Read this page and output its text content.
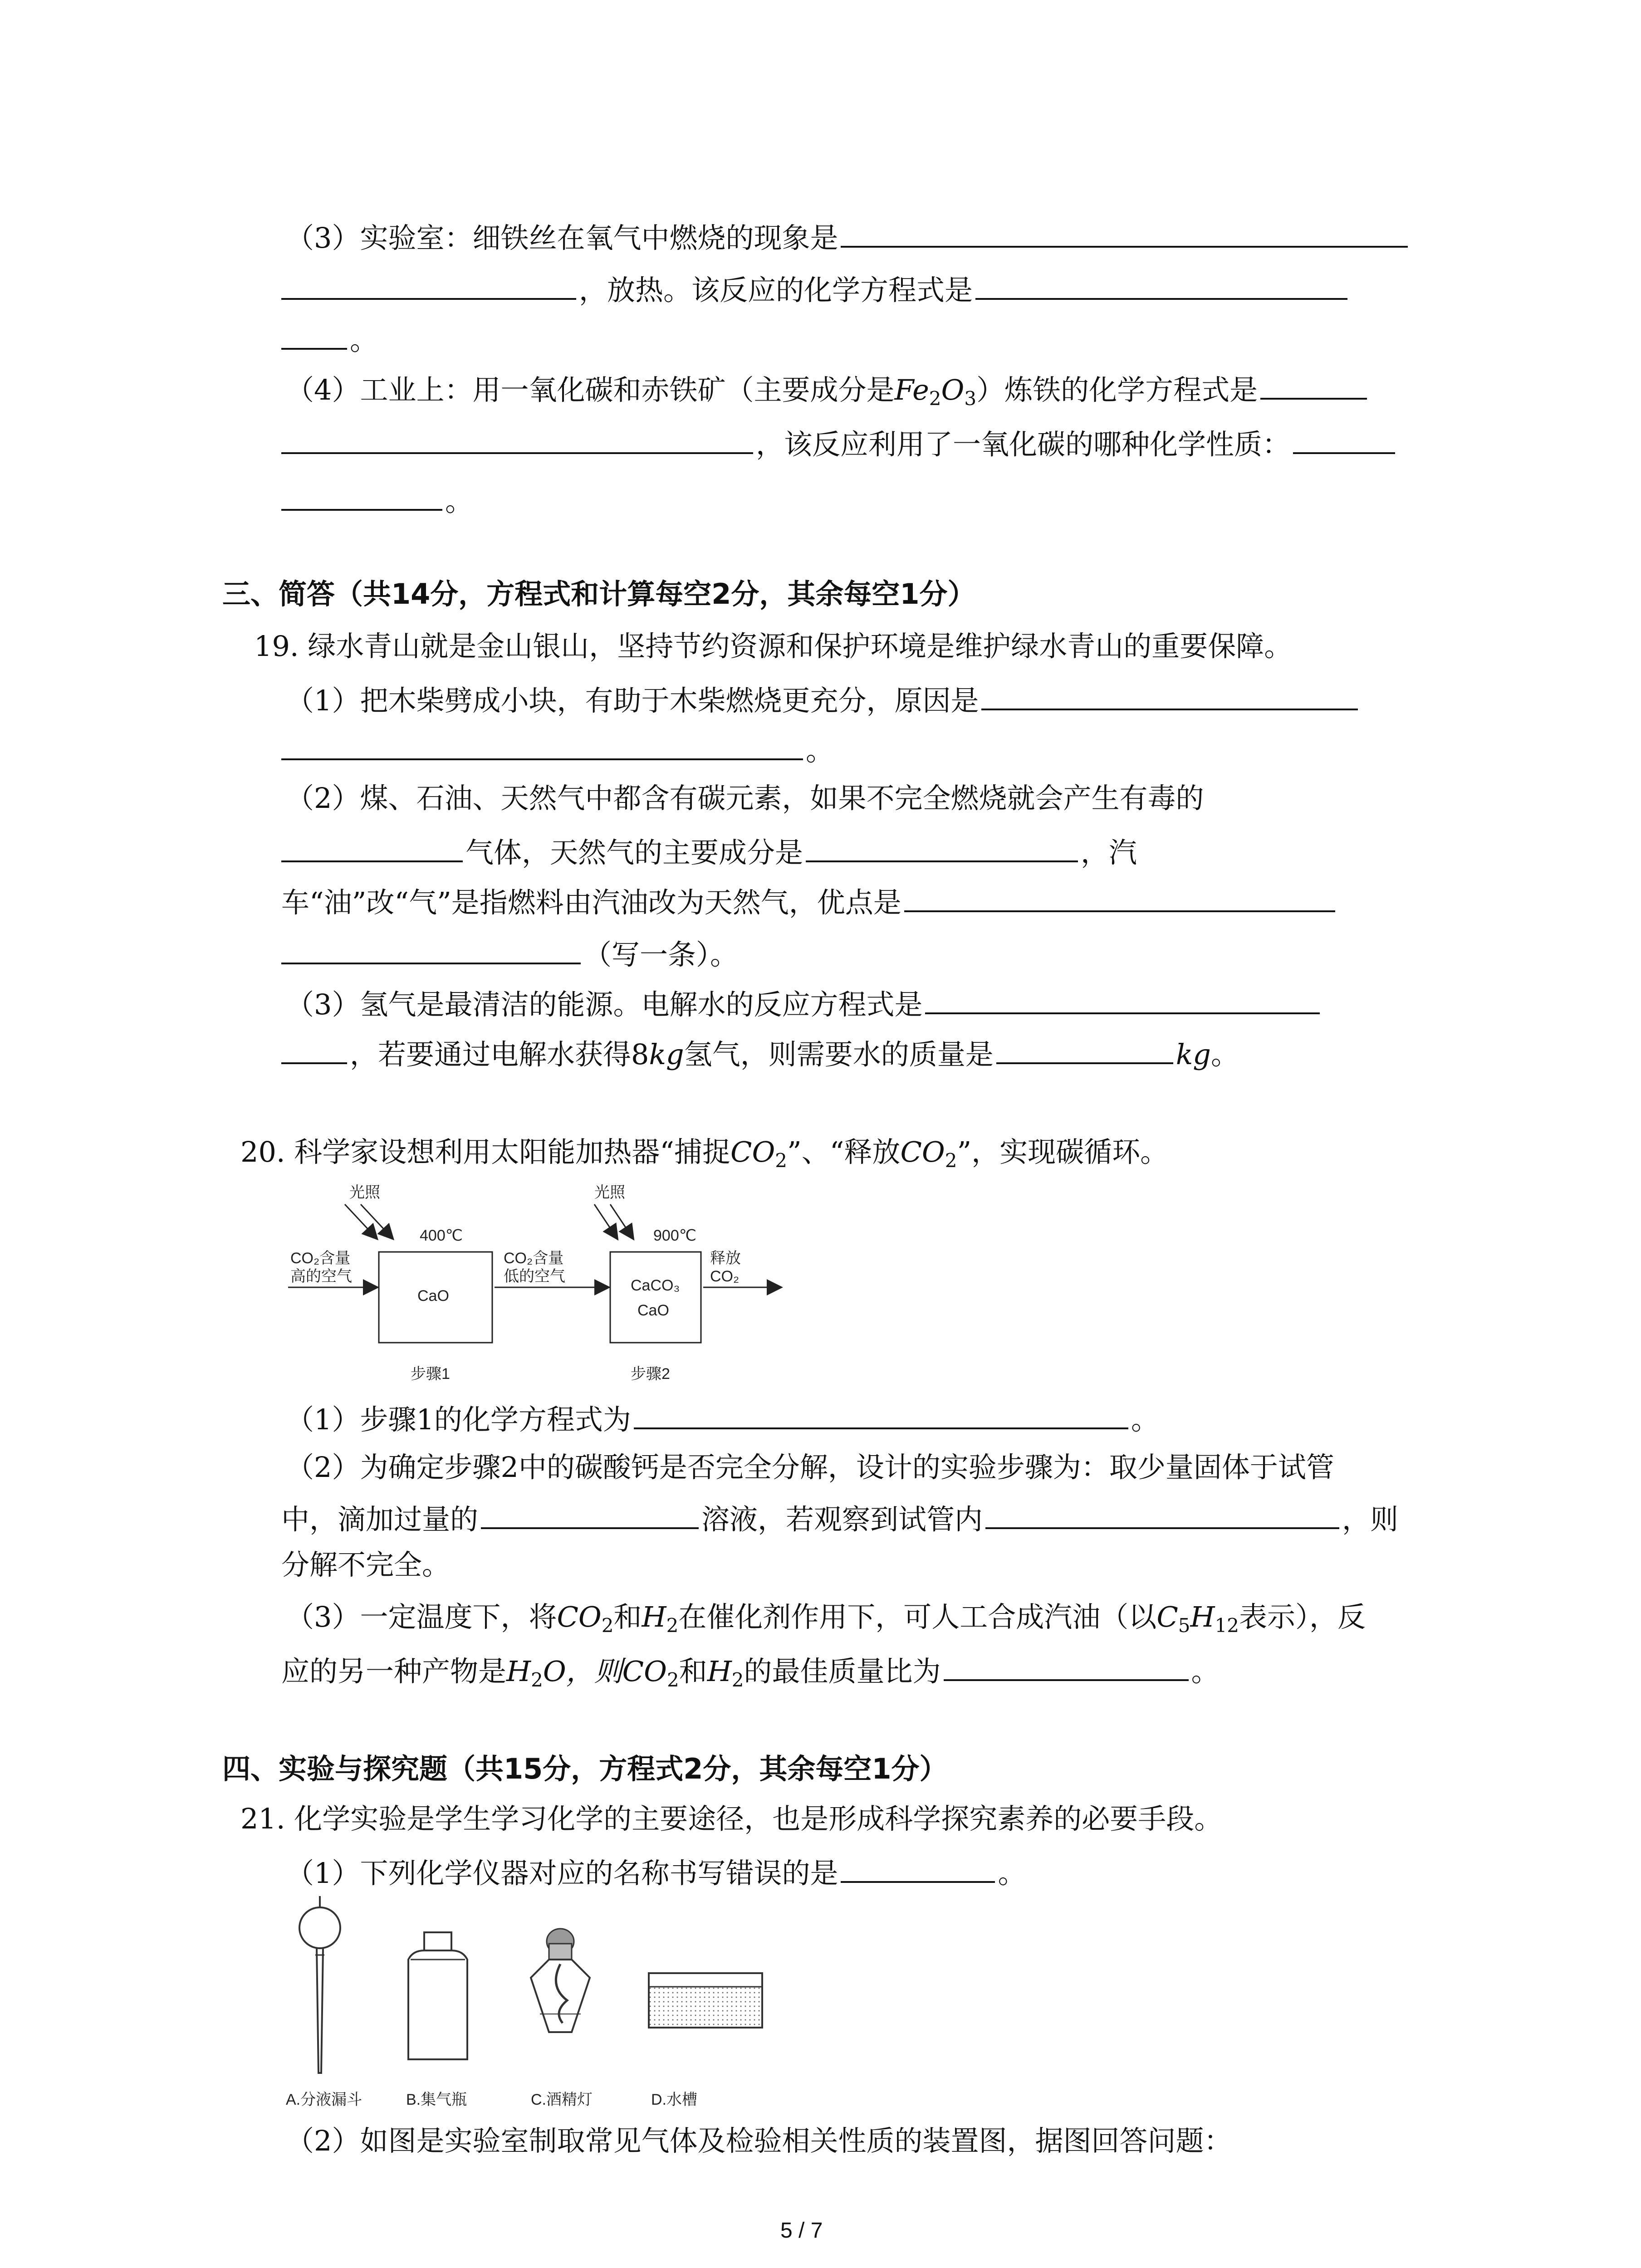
（3）实验室：细铁丝在氧气中燃烧的现象是
，放热。该反应的化学方程式是
。
（4）工业上：用一氧化碳和赤铁矿（主要成分是$Fe_2O_3$）炼铁的化学方程式是
，该反应利用了一氧化碳的哪种化学性质：
。
三、简答（共14分，方程式和计算每空2分，其余每空1分）
19. 绿水青山就是金山银山，坚持节约资源和保护环境是维护绿水青山的重要保障。
（1）把木柴劈成小块，有助于木柴燃烧更充分，原因是
。
（2）煤、石油、天然气中都含有碳元素，如果不完全燃烧就会产生有毒的
气体，天然气的主要成分是	，汽
车“油”改“气”是指燃料由汽油改为天然气，优点是
（写一条）。
（3）氢气是最清洁的能源。电解水的反应方程式是
，若要通过电解水获得8kg氢气，则需要水的质量是	kg。
20. 科学家设想利用太阳能加热器“捕捉$CO_2$”、“释放$CO_2$”，实现碳循环。
光照
400℃
CO₂含量
高的空气
CaO
CO₂含量
低的空气
光照
900℃
CaCO₃
CaO
释放
CO₂
步骤1	步骤2
（1）步骤1的化学方程式为	。
（2）为确定步骤2中的碳酸钙是否完全分解，设计的实验步骤为：取少量固体于试管
中，滴加过量的	溶液，若观察到试管内	，则
分解不完全。
（3）一定温度下，将$CO_2$和$H_2$在催化剂作用下，可人工合成汽油（以$C_5H_{12}$表示），反
应的另一种产物是$H_2O$，则$CO_2$和$H_2$的最佳质量比为	。
四、实验与探究题（共15分，方程式2分，其余每空1分）
21. 化学实验是学生学习化学的主要途径，也是形成科学探究素养的必要手段。
（1）下列化学仪器对应的名称书写错误的是	。
A.分液漏斗	B.集气瓶	C.酒精灯	D.水槽
（2）如图是实验室制取常见气体及检验相关性质的装置图，据图回答问题：
5 / 7
